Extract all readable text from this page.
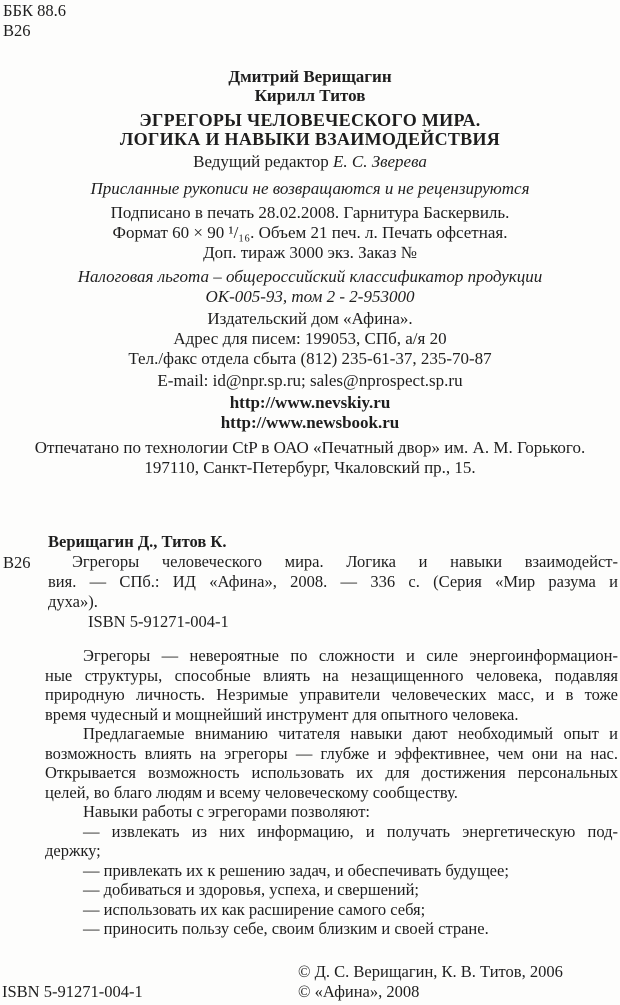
ББК 88.6
В26
Дмитрий Верищагин
Кирилл Титов
ЭГРЕГОРЫ ЧЕЛОВЕЧЕСКОГО МИРА.
ЛОГИКА И НАВЫКИ ВЗАИМОДЕЙСТВИЯ
Ведущий редактор Е. С. Зверева
Присланные рукописи не возвращаются и не рецензируются
Подписано в печать 28.02.2008. Гарнитура Баскервиль.
Формат 60 × 90 ¹/₁₆. Объем 21 печ. л. Печать офсетная.
Доп. тираж 3000 экз. Заказ №
Налоговая льгота – общероссийский классификатор продукции
ОК-005-93, том 2 - 2-953000
Издательский дом «Афина».
Адрес для писем: 199053, СПб, а/я 20
Тел./факс отдела сбыта (812) 235-61-37, 235-70-87
E-mail: id@npr.sp.ru; sales@nprospect.sp.ru
http://www.nevskiy.ru
http://www.newsbook.ru
Отпечатано по технологии CtP в ОАО «Печатный двор» им. А. М. Горького.
197110, Санкт-Петербург, Чкаловский пр., 15.
В26
Верищагин Д., Титов К.
Эгрегоры человеческого мира. Логика и навыки взаимодейст-
вия. — СПб.: ИД «Афина», 2008. — 336 с. (Серия «Мир разума и
духа»).
ISBN 5-91271-004-1
Эгрегоры — невероятные по сложности и силе энергоинформацион-
ные структуры, способные влиять на незащищенного человека, подавляя
природную личность. Незримые управители человеческих масс, и в тоже
время чудесный и мощнейший инструмент для опытного человека.
Предлагаемые вниманию читателя навыки дают необходимый опыт и
возможность влиять на эгрегоры — глубже и эффективнее, чем они на нас.
Открывается возможность использовать их для достижения персональных
целей, во благо людям и всему человеческому сообществу.
Навыки работы с эгрегорами позволяют:
— извлекать из них информацию, и получать энергетическую под-
держку;
— привлекать их к решению задач, и обеспечивать будущее;
— добиваться и здоровья, успеха, и свершений;
— использовать их как расширение самого себя;
— приносить пользу себе, своим близким и своей стране.
ISBN 5-91271-004-1
© Д. С. Верищагин, К. В. Титов, 2006
© «Афина», 2008
